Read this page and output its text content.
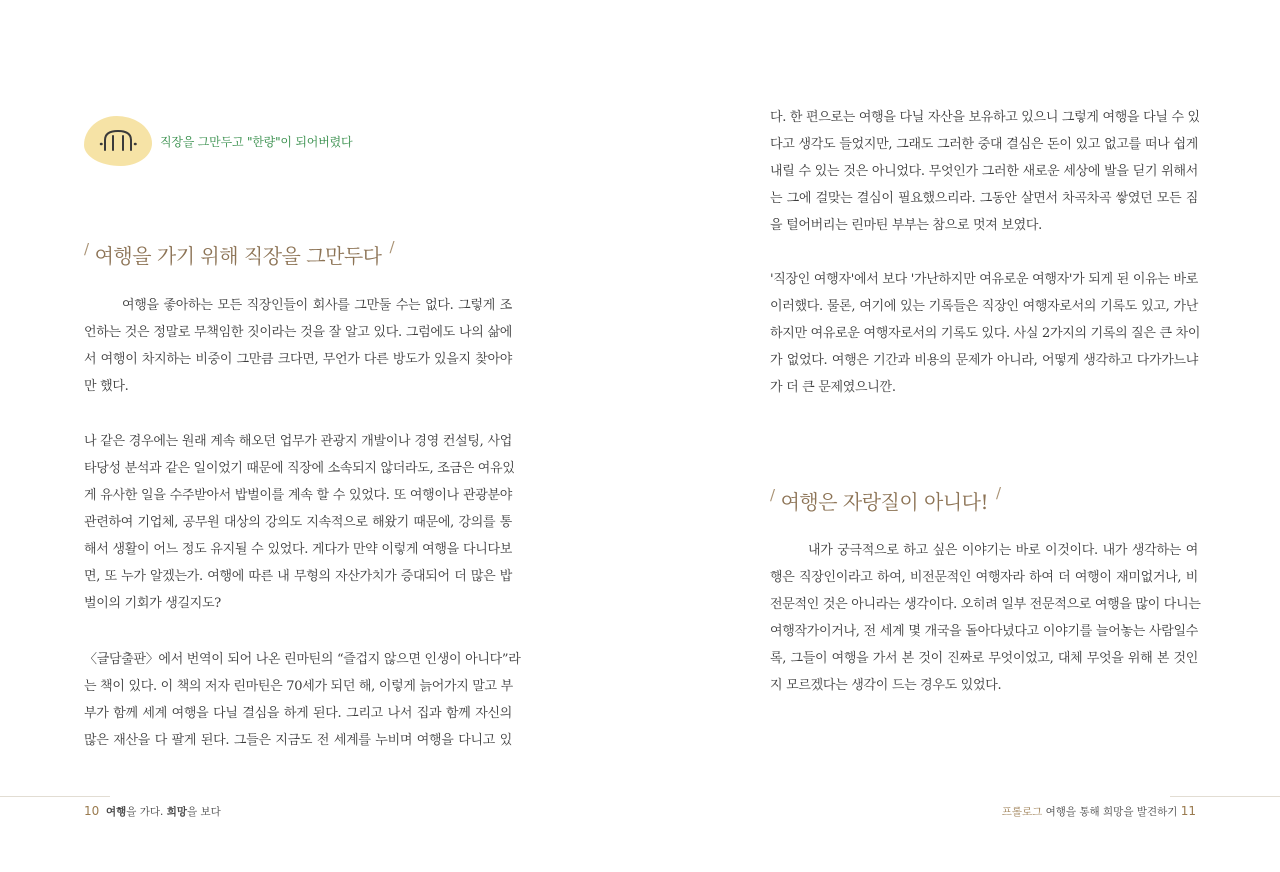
직장을 그만두고 "한량"이 되어버렸다
/ 여행을 가기 위해 직장을 그만두다 /
여행을 좋아하는 모든 직장인들이 회사를 그만둘 수는 없다. 그렇게 조
언하는 것은 정말로 무책임한 짓이라는 것을 잘 알고 있다. 그럼에도 나의 삶에
서 여행이 차지하는 비중이 그만큼 크다면, 무언가 다른 방도가 있을지 찾아야
만 했다.
나 같은 경우에는 원래 계속 해오던 업무가 관광지 개발이나 경영 컨설팅, 사업
타당성 분석과 같은 일이었기 때문에 직장에 소속되지 않더라도, 조금은 여유있
게 유사한 일을 수주받아서 밥벌이를 계속 할 수 있었다. 또 여행이나 관광분야
관련하여 기업체, 공무원 대상의 강의도 지속적으로 해왔기 때문에, 강의를 통
해서 생활이 어느 정도 유지될 수 있었다. 게다가 만약 이렇게 여행을 다니다보
면, 또 누가 알겠는가. 여행에 따른 내 무형의 자산가치가 증대되어 더 많은 밥
벌이의 기회가 생길지도?
〈글담출판〉에서 번역이 되어 나온 린마틴의 “즐겁지 않으면 인생이 아니다”라
는 책이 있다. 이 책의 저자 린마틴은 70세가 되던 해, 이렇게 늙어가지 말고 부
부가 함께 세계 여행을 다닐 결심을 하게 된다. 그리고 나서 집과 함께 자신의
많은 재산을 다 팔게 된다. 그들은 지금도 전 세계를 누비며 여행을 다니고 있
10 여행을 가다. 희망을 보다
다. 한 편으로는 여행을 다닐 자산을 보유하고 있으니 그렇게 여행을 다닐 수 있
다고 생각도 들었지만, 그래도 그러한 중대 결심은 돈이 있고 없고를 떠나 쉽게
내릴 수 있는 것은 아니었다. 무엇인가 그러한 새로운 세상에 발을 딛기 위해서
는 그에 걸맞는 결심이 필요했으리라. 그동안 살면서 차곡차곡 쌓였던 모든 짐
을 털어버리는 린마틴 부부는 참으로 멋져 보였다.
'직장인 여행자'에서 보다 '가난하지만 여유로운 여행자'가 되게 된 이유는 바로
이러했다. 물론, 여기에 있는 기록들은 직장인 여행자로서의 기록도 있고, 가난
하지만 여유로운 여행자로서의 기록도 있다. 사실 2가지의 기록의 질은 큰 차이
가 없었다. 여행은 기간과 비용의 문제가 아니라, 어떻게 생각하고 다가가느냐
가 더 큰 문제였으니깐.
/ 여행은 자랑질이 아니다! /
내가 궁극적으로 하고 싶은 이야기는 바로 이것이다. 내가 생각하는 여
행은 직장인이라고 하여, 비전문적인 여행자라 하여 더 여행이 재미없거나, 비
전문적인 것은 아니라는 생각이다. 오히려 일부 전문적으로 여행을 많이 다니는
여행작가이거나, 전 세계 몇 개국을 돌아다녔다고 이야기를 늘어놓는 사람일수
록, 그들이 여행을 가서 본 것이 진짜로 무엇이었고, 대체 무엇을 위해 본 것인
지 모르겠다는 생각이 드는 경우도 있었다.
프롤로그 여행을 통해 희망을 발견하기 11
